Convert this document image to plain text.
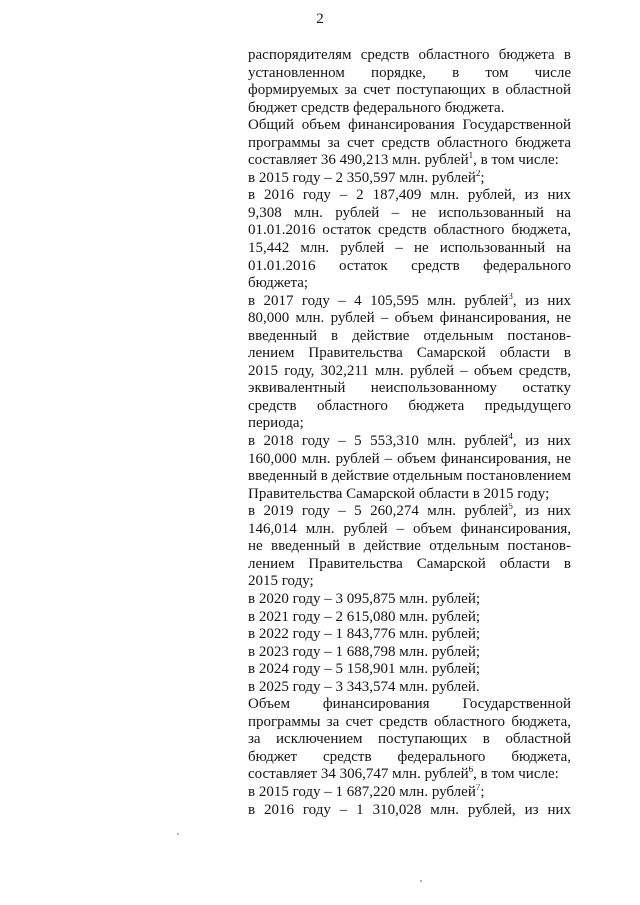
2
распорядителям средств областного бюджета в
установленном порядке, в том числе
формируемых за счет поступающих в областной
бюджет средств федерального бюджета.
Общий объем финансирования Государственной
программы за счет средств областного бюджета
составляет 36 490,213 млн. рублей$^1$, в том числе:
в 2015 году – 2 350,597 млн. рублей$^2$;
в 2016 году – 2 187,409 млн. рублей, из них
9,308 млн. рублей – не использованный на
01.01.2016 остаток средств областного бюджета,
15,442 млн. рублей – не использованный на
01.01.2016 остаток средств федерального
бюджета;
в 2017 году – 4 105,595 млн. рублей$^3$, из них
80,000 млн. рублей – объем финансирования, не
введенный в действие отдельным постанов-
лением Правительства Самарской области в
2015 году, 302,211 млн. рублей – объем средств,
эквивалентный неиспользованному остатку
средств областного бюджета предыдущего
периода;
в 2018 году – 5 553,310 млн. рублей$^4$, из них
160,000 млн. рублей – объем финансирования, не
введенный в действие отдельным постановлением
Правительства Самарской области в 2015 году;
в 2019 году – 5 260,274 млн. рублей$^5$, из них
146,014 млн. рублей – объем финансирования,
не введенный в действие отдельным постанов-
лением Правительства Самарской области в
2015 году;
в 2020 году – 3 095,875 млн. рублей;
в 2021 году – 2 615,080 млн. рублей;
в 2022 году – 1 843,776 млн. рублей;
в 2023 году – 1 688,798 млн. рублей;
в 2024 году – 5 158,901 млн. рублей;
в 2025 году – 3 343,574 млн. рублей.
Объем финансирования Государственной
программы за счет средств областного бюджета,
за исключением поступающих в областной
бюджет средств федерального бюджета,
составляет 34 306,747 млн. рублей$^6$, в том числе:
в 2015 году – 1 687,220 млн. рублей$^7$;
в 2016 году – 1 310,028 млн. рублей, из них
